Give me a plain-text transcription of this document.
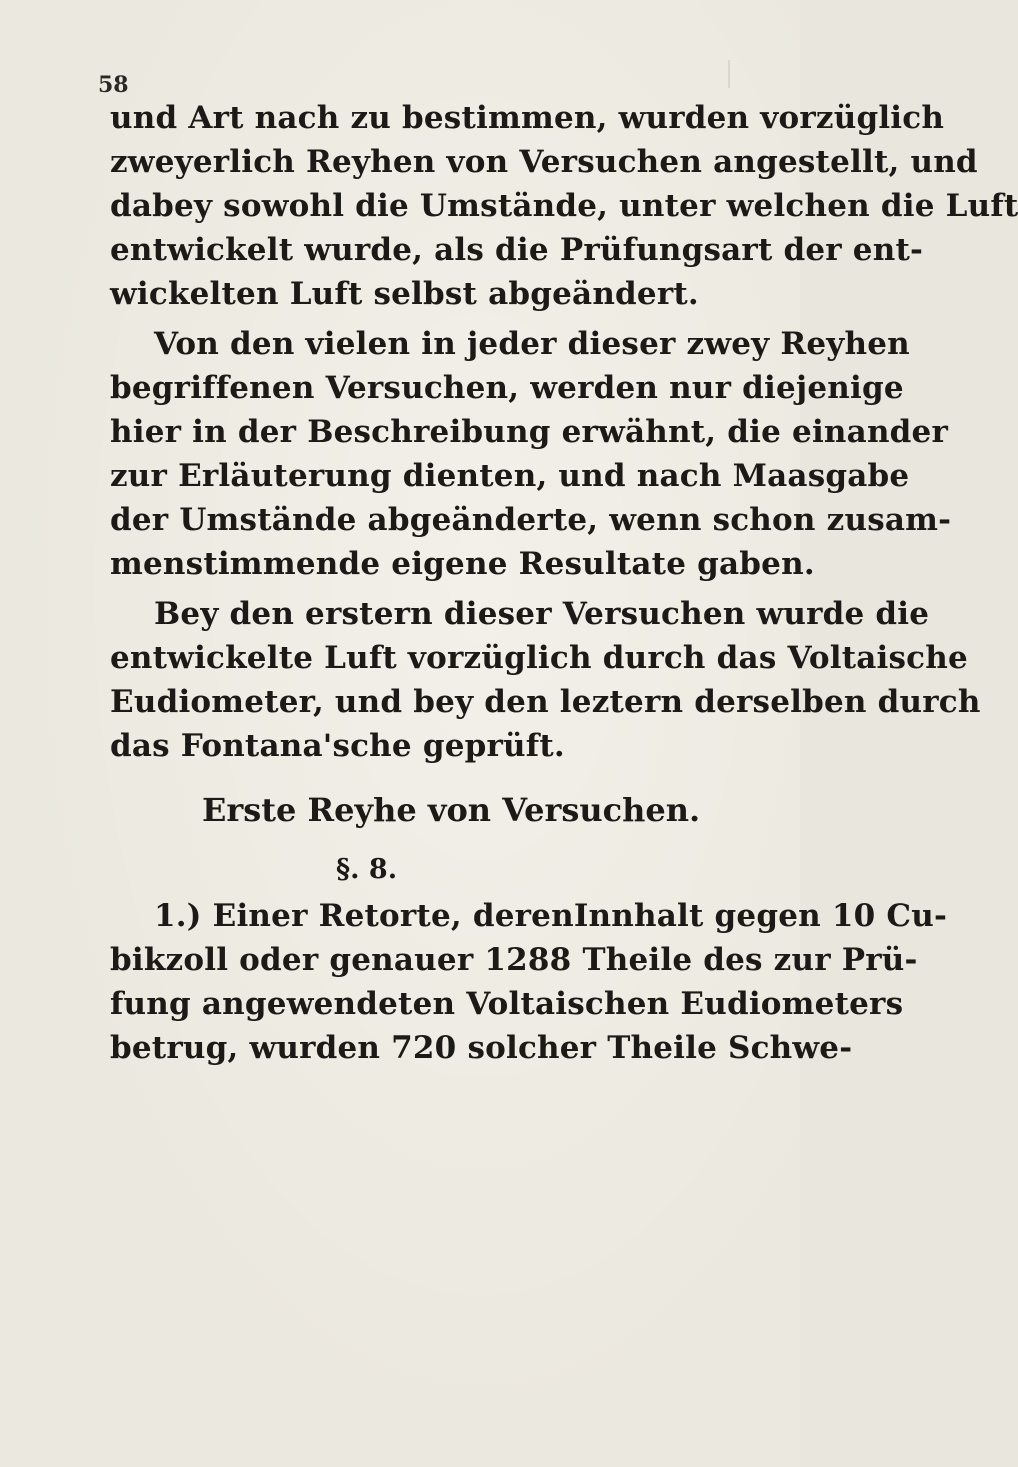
58
und Art nach zu bestimmen, wurden vorzüglich
zweyerlich Reyhen von Versuchen angestellt, und
dabey sowohl die Umstände, unter welchen die Luft
entwickelt wurde, als die Prüfungsart der ent-
wickelten Luft selbst abgeändert.
Von den vielen in jeder dieser zwey Reyhen
begriffenen Versuchen, werden nur diejenige
hier in der Beschreibung erwähnt, die einander
zur Erläuterung dienten, und nach Maasgabe
der Umstände abgeänderte, wenn schon zusam-
menstimmende eigene Resultate gaben.
Bey den erstern dieser Versuchen wurde die
entwickelte Luft vorzüglich durch das Voltaische
Eudiometer, und bey den leztern derselben durch
das Fontana'sche geprüft.
Erste Reyhe von Versuchen.
§. 8.
1.) Einer Retorte, derenInnhalt gegen 10 Cu-
bikzoll oder genauer 1288 Theile des zur Prü-
fung angewendeten Voltaischen Eudiometers
betrug, wurden 720 solcher Theile Schwe-
